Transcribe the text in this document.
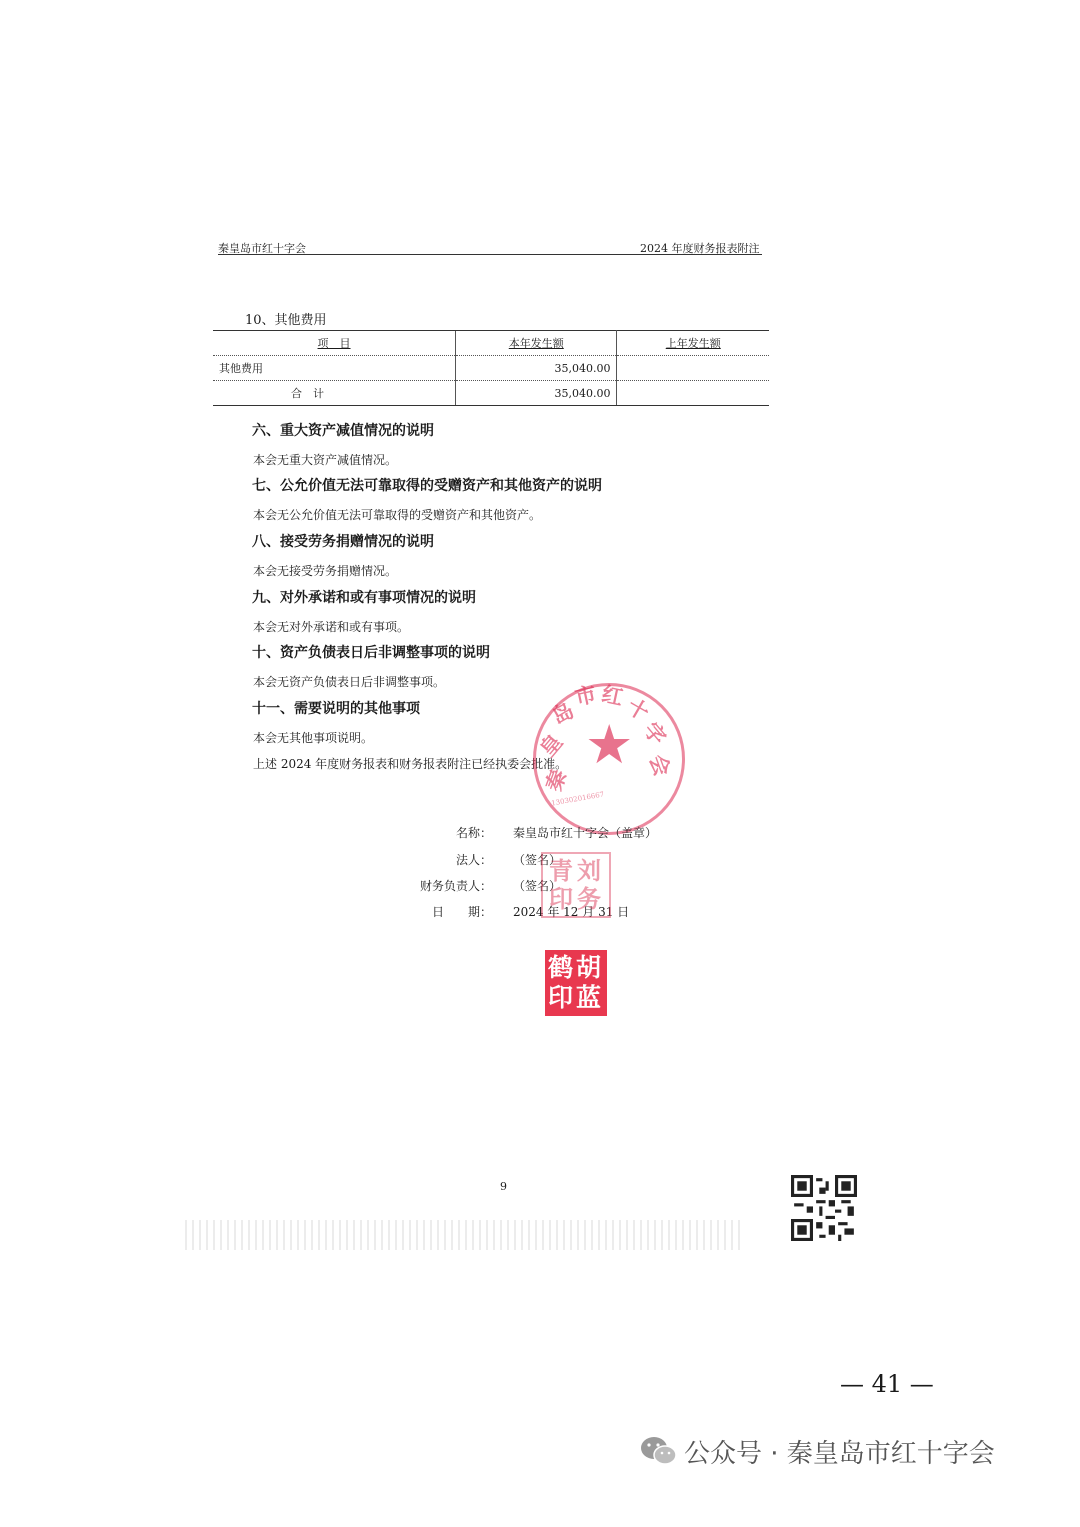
秦皇岛市红十字会	2024 年度财务报表附注
10、其他费用
项　目	本年发生额	上年发生额
其他费用	35,040.00	
合　计	35,040.00	
六、重大资产减值情况的说明
本会无重大资产减值情况。
七、公允价值无法可靠取得的受赠资产和其他资产的说明
本会无公允价值无法可靠取得的受赠资产和其他资产。
八、接受劳务捐赠情况的说明
本会无接受劳务捐赠情况。
九、对外承诺和或有事项情况的说明
本会无对外承诺和或有事项。
十、资产负债表日后非调整事项的说明
本会无资产负债表日后非调整事项。
十一、需要说明的其他事项
本会无其他事项说明。
上述 2024 年度财务报表和财务报表附注已经执委会批准。
秦
皇
岛
市 红
十
字
会
★
130302016667
名称： 秦皇岛市红十字会（盖章）
法人： （签名）
财务负责人： （签名）
日　　期： 2024 年 12 月 31 日
刘
青
务
印
胡
鹤
蓝
印
9
— 41 —
公众号 · 秦皇岛市红十字会
